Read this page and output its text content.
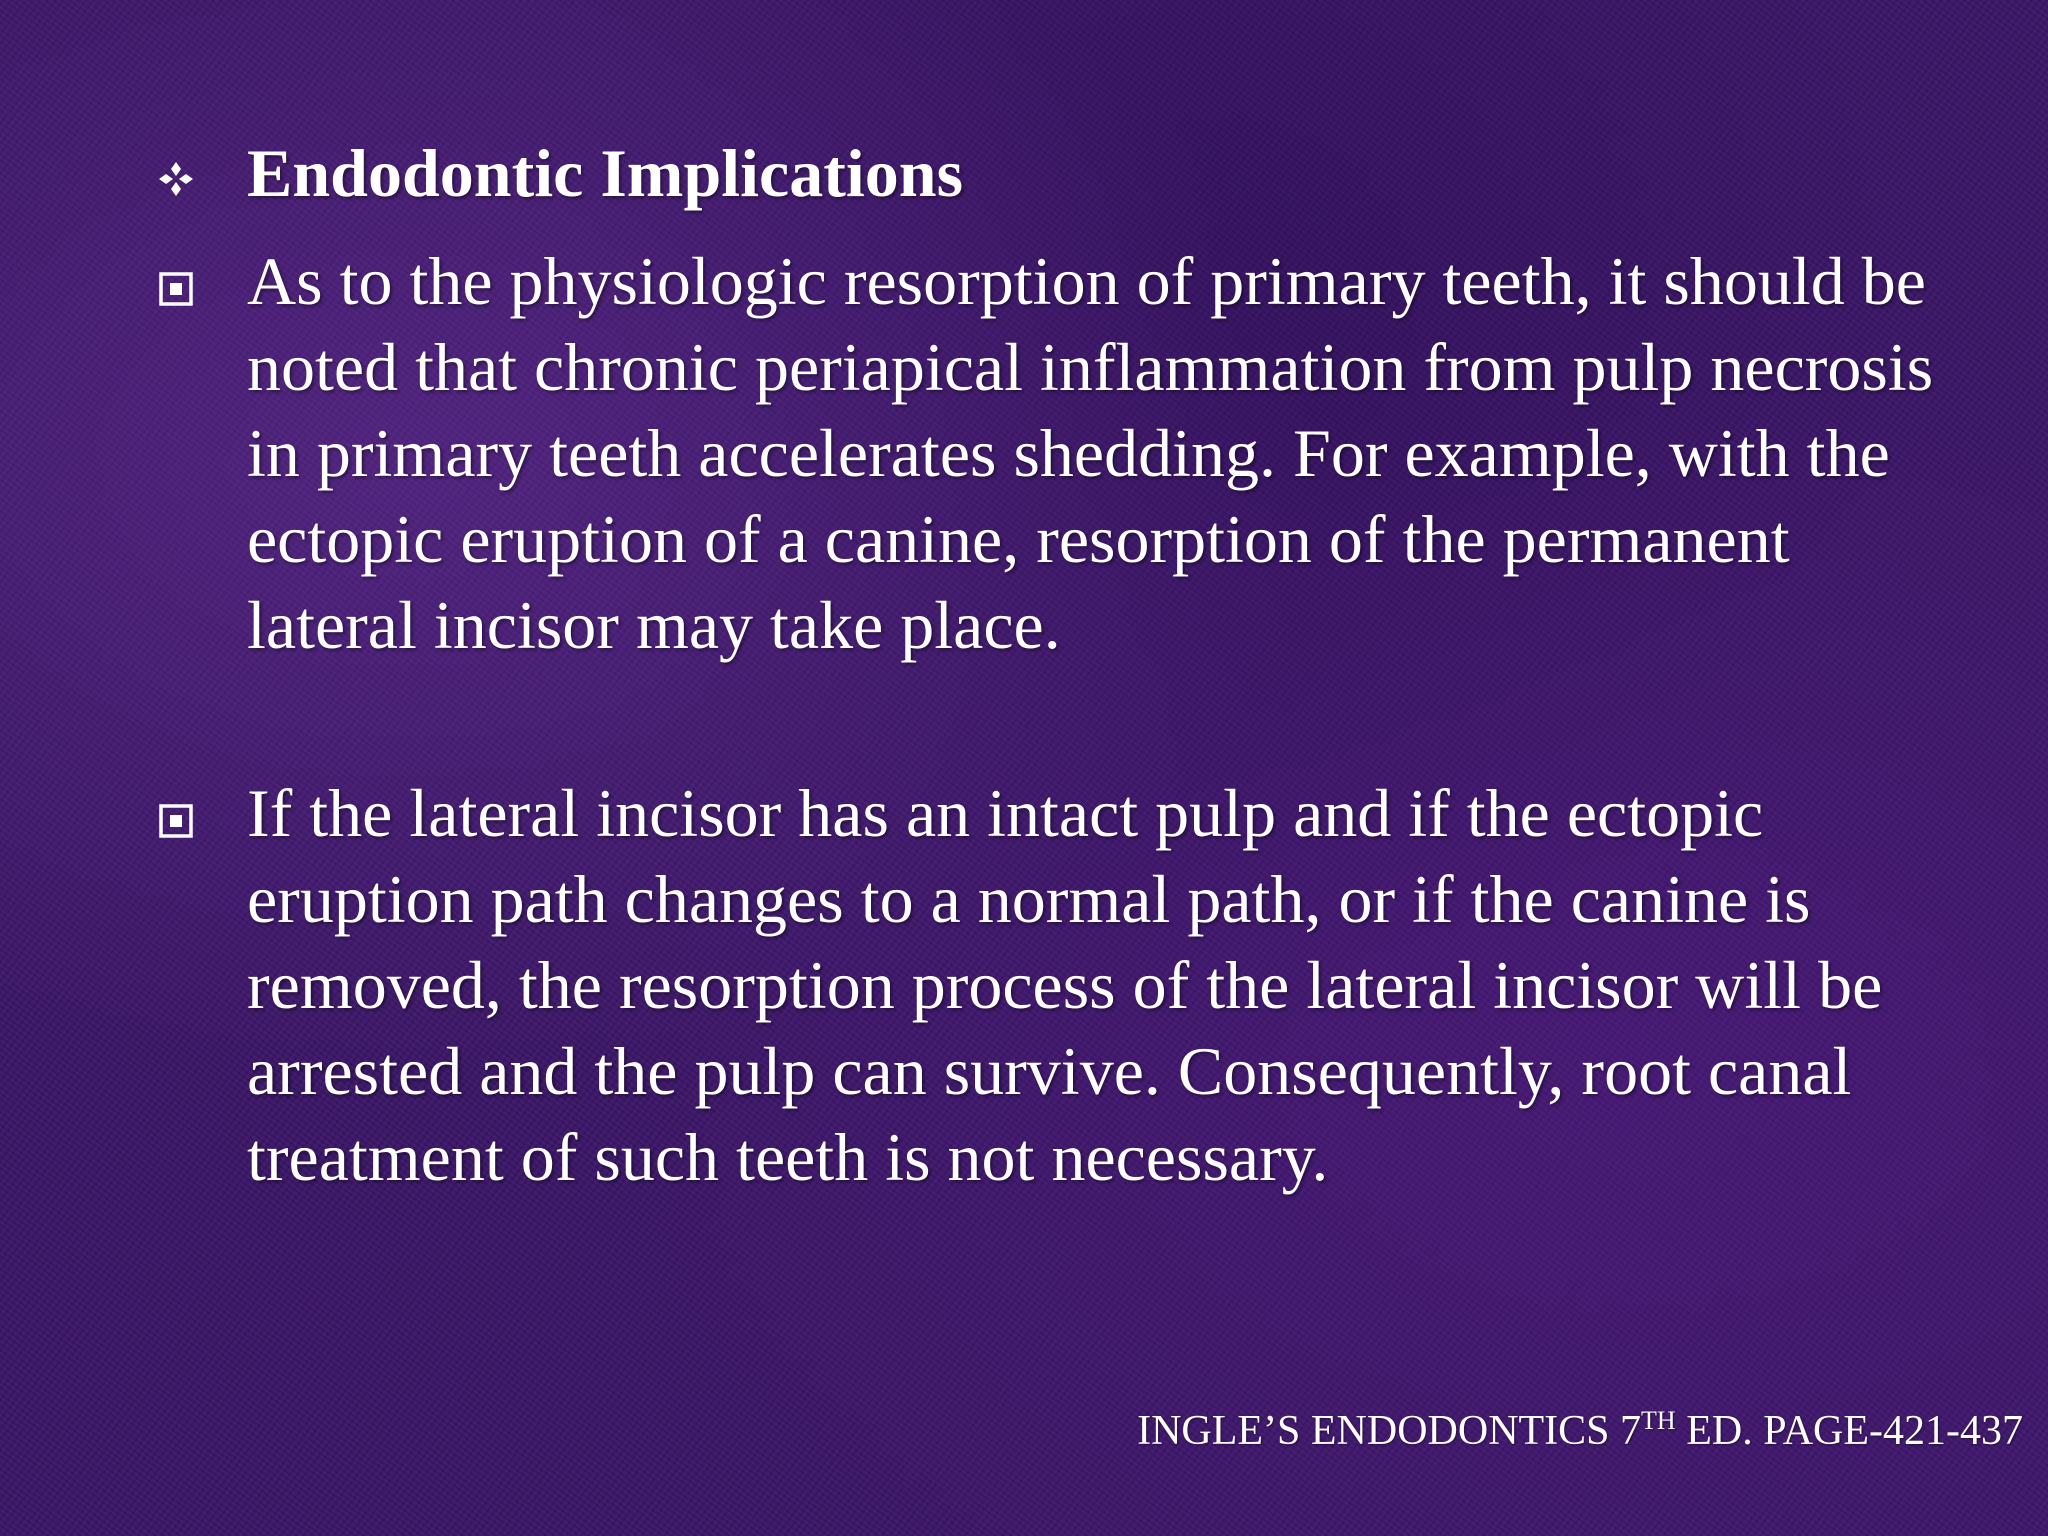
Endodontic Implications
As to the physiologic resorption of primary teeth, it should be noted that chronic periapical inflammation from pulp necrosis in primary teeth accelerates shedding. For example, with the ectopic eruption of a canine, resorption of the permanent lateral incisor may take place.
If the lateral incisor has an intact pulp and if the ectopic eruption path changes to a normal path, or if the canine is removed, the resorption process of the lateral incisor will be arrested and the pulp can survive. Consequently, root canal treatment of such teeth is not necessary.
INGLE’S ENDODONTICS 7TH ED. PAGE-421-437
